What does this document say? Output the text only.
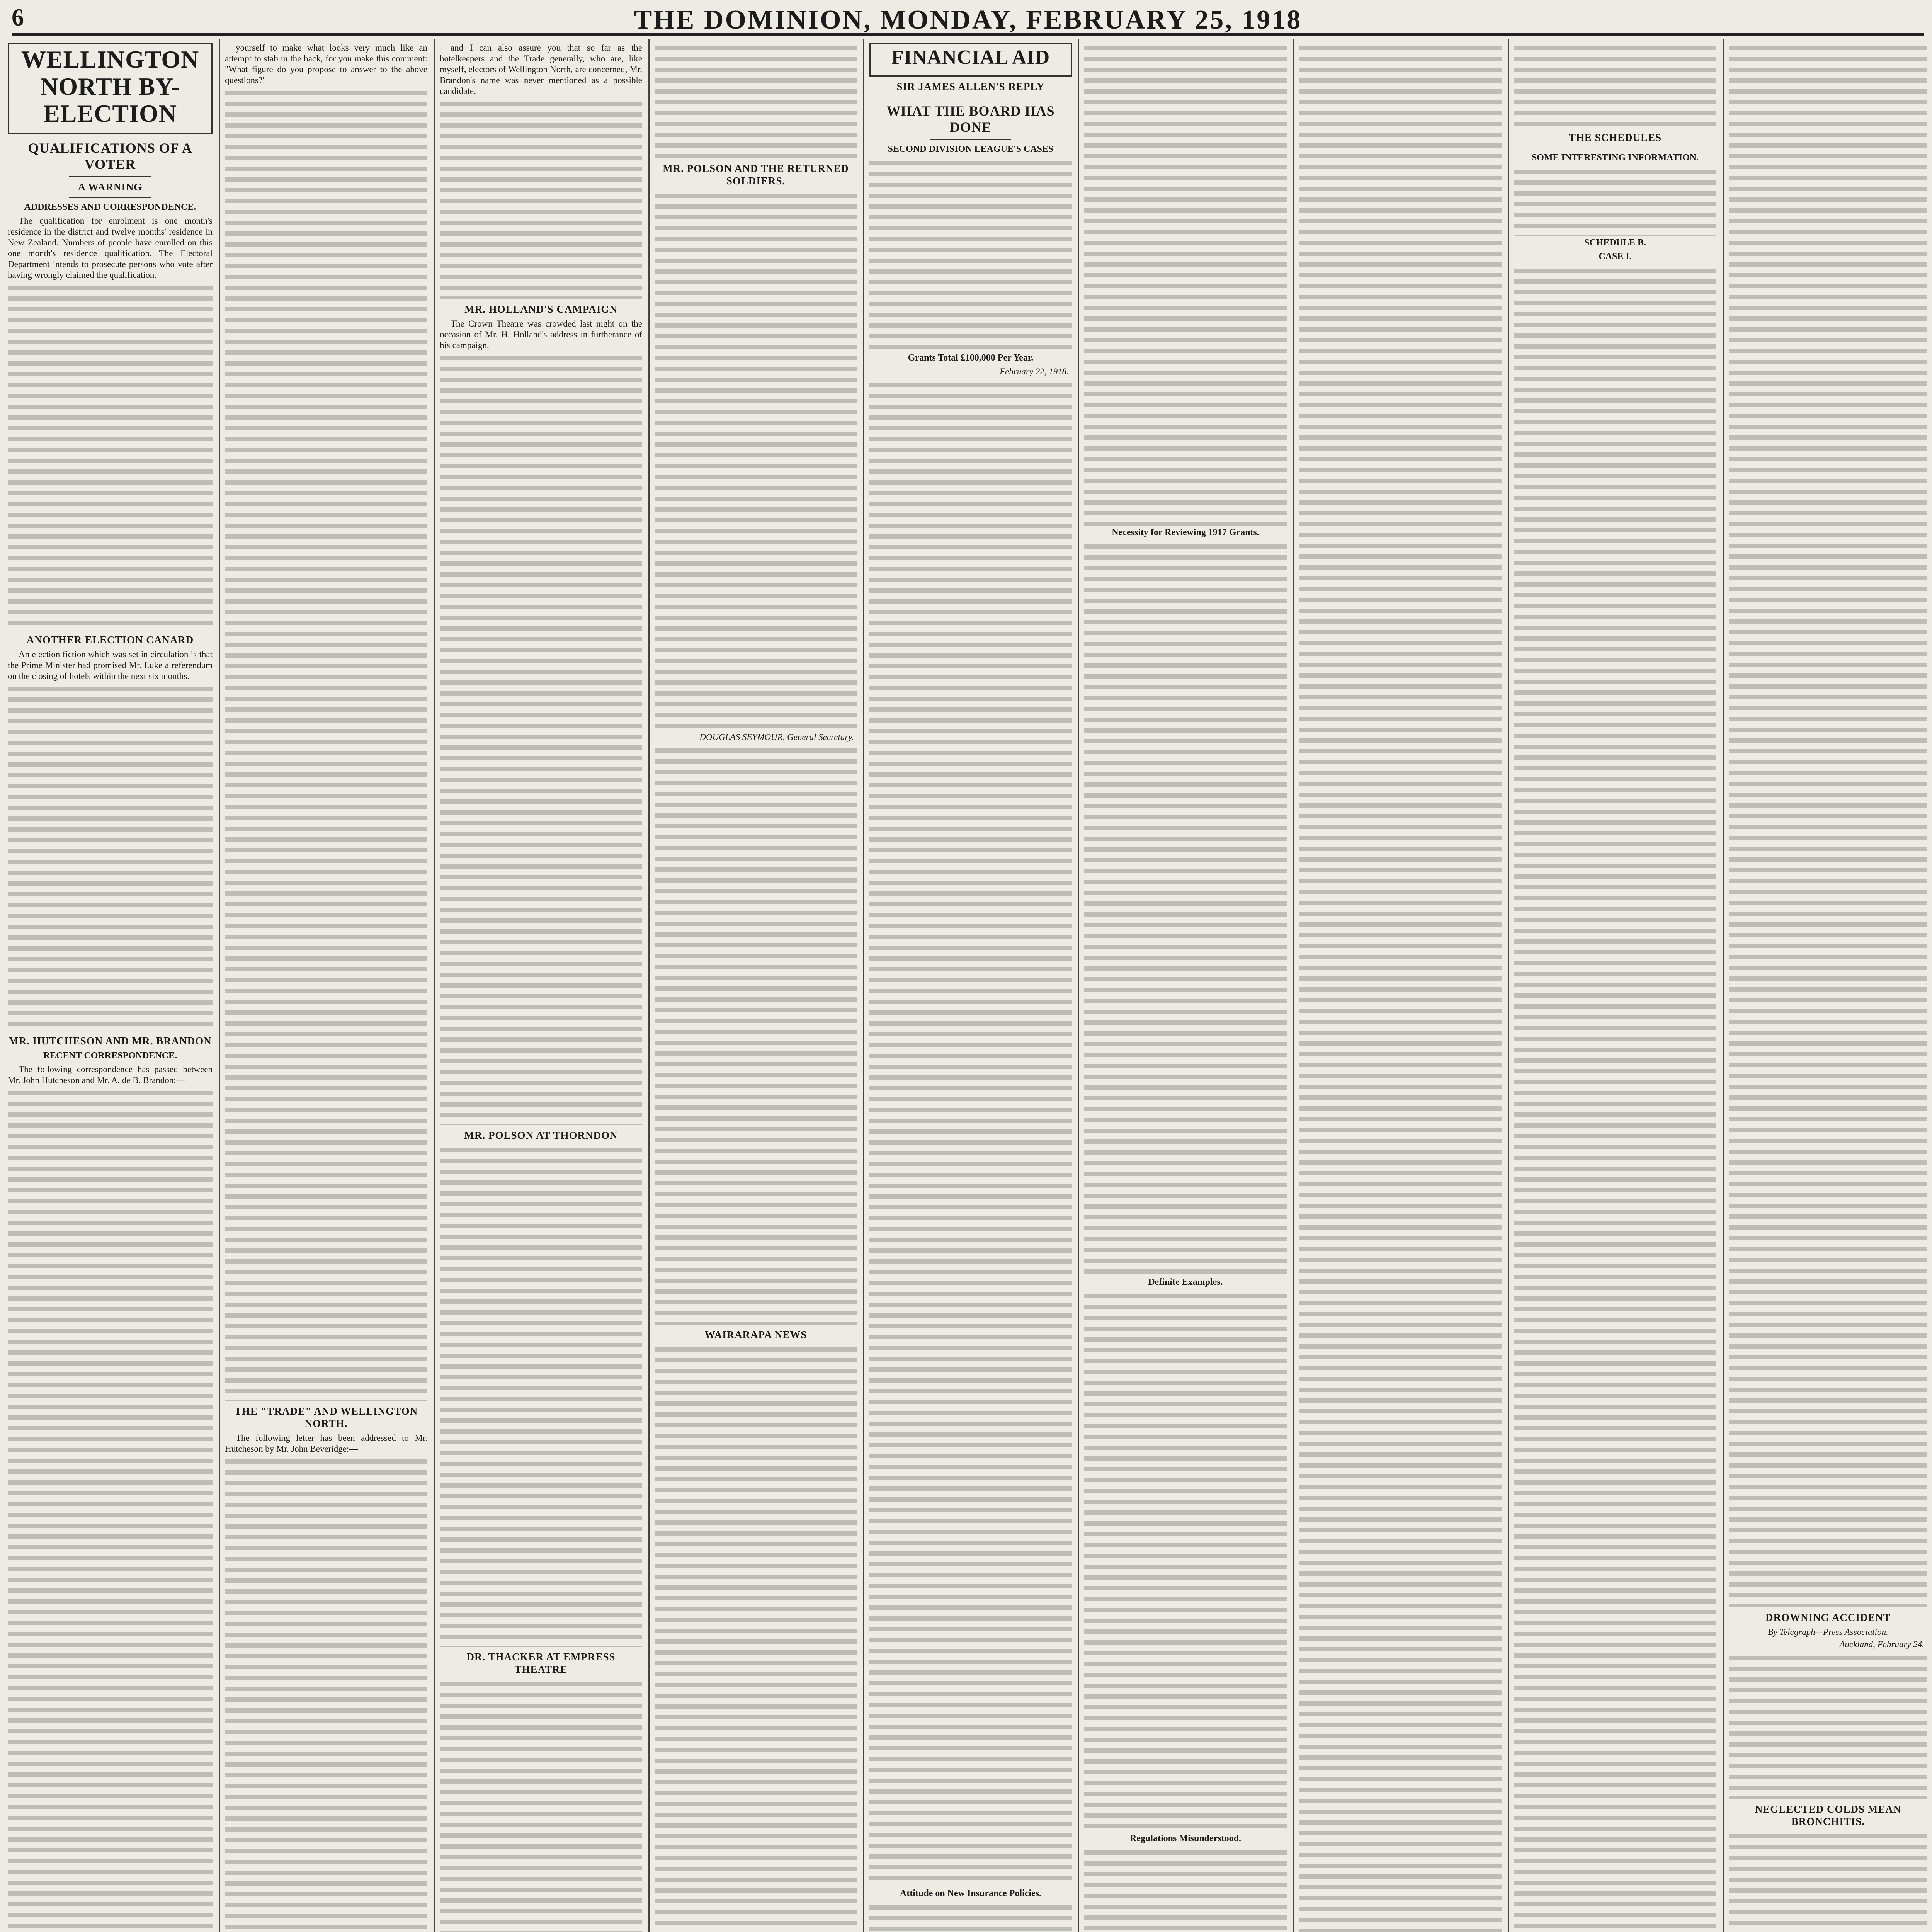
6	THE DOMINION, MONDAY, FEBRUARY 25, 1918
WELLINGTON NORTH BY-ELECTION
QUALIFICATIONS OF A VOTER
A WARNING
ADDRESSES AND CORRESPONDENCE.

The qualification for enrolment is one month's residence in the district and twelve months' residence in New Zealand. Numbers of people have enrolled on this one month's residence qualification. The Electoral Department intends to prosecute persons who vote after having wrongly claimed the qualification.

ANOTHER ELECTION CANARD

An election fiction which was set in circulation is that the Prime Minister had promised Mr. Luke a referendum on the closing of hotels within the next six months.

MR. HUTCHESON AND MR. BRANDON
RECENT CORRESPONDENCE.

The following correspondence has passed between Mr. John Hutcheson and Mr. A. de B. Brandon:—

yourself to make what looks very much like an attempt to stab in the back, for you make this comment: "What figure do you propose to answer to the above questions?"

THE "TRADE" AND WELLINGTON NORTH.

The following letter has been addressed to Mr. Hutcheson by Mr. John Beveridge:—

and I can also assure you that so far as the hotelkeepers and the Trade generally, who are, like myself, electors of Wellington North, are concerned, Mr. Brandon's name was never mentioned as a possible candidate.

MR. HOLLAND'S CAMPAIGN

The Crown Theatre was crowded last night on the occasion of Mr. H. Holland's address in furtherance of his campaign.

MR. POLSON AT THORNDON
DR. THACKER AT EMPRESS THEATRE
MR. POLSON AND THE RETURNED SOLDIERS.
DOUGLAS SEYMOUR, General Secretary.
WAIRARAPA NEWS
FINANCIAL AID
SIR JAMES ALLEN'S REPLY
WHAT THE BOARD HAS DONE
SECOND DIVISION LEAGUE'S CASES
Grants Total £100,000 Per Year.
February 22, 1918.
Attitude on New Insurance Policies.
Necessity for Reviewing 1917 Grants.
Definite Examples.
Regulations Misunderstood.
THE SCHEDULES
SOME INTERESTING INFORMATION.
SCHEDULE B.
CASE I.
DROWNING ACCIDENT
By Telegraph—Press Association.
Auckland, February 24.
NEGLECTED COLDS MEAN BRONCHITIS.
